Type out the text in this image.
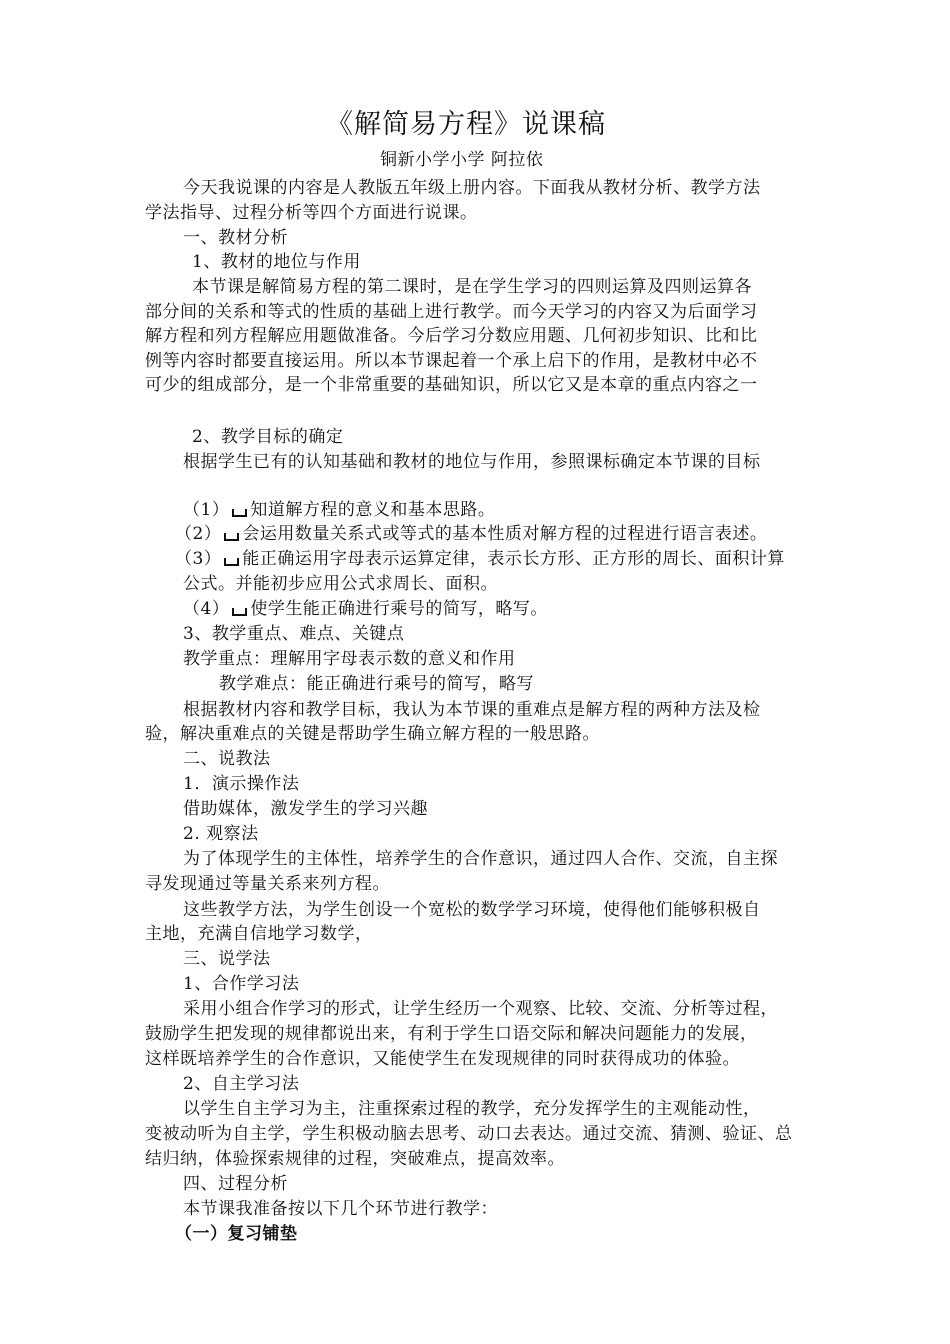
《解简易方程》说课稿
铜新小学小学 阿拉依
今天我说课的内容是人教版五年级上册内容。下面我从教材分析、教学方法
学法指导、过程分析等四个方面进行说课。
一、教材分析
1、教材的地位与作用
本节课是解简易方程的第二课时，是在学生学习的四则运算及四则运算各
部分间的关系和等式的性质的基础上进行教学。而今天学习的内容又为后面学习
解方程和列方程解应用题做准备。今后学习分数应用题、几何初步知识、比和比
例等内容时都要直接运用。所以本节课起着一个承上启下的作用，是教材中必不
可少的组成部分，是一个非常重要的基础知识，所以它又是本章的重点内容之一
2、教学目标的确定
根据学生已有的认知基础和教材的地位与作用，参照课标确定本节课的目标
（1） 知道解方程的意义和基本思路。
（2） 会运用数量关系式或等式的基本性质对解方程的过程进行语言表述。
（3） 能正确运用字母表示运算定律，表示长方形、正方形的周长、面积计算
公式。并能初步应用公式求周长、面积。
（4） 使学生能正确进行乘号的简写，略写。
3、教学重点、难点、关键点
教学重点：理解用字母表示数的意义和作用
教学难点：能正确进行乘号的简写，略写
根据教材内容和教学目标，我认为本节课的重难点是解方程的两种方法及检
验，解决重难点的关键是帮助学生确立解方程的一般思路。
二、说教法
1．演示操作法
借助媒体，激发学生的学习兴趣
2. 观察法
为了体现学生的主体性，培养学生的合作意识，通过四人合作、交流，自主探
寻发现通过等量关系来列方程。
这些教学方法，为学生创设一个宽松的数学学习环境，使得他们能够积极自
主地，充满自信地学习数学，
三、说学法
1、合作学习法
采用小组合作学习的形式，让学生经历一个观察、比较、交流、分析等过程，
鼓励学生把发现的规律都说出来，有利于学生口语交际和解决问题能力的发展，
这样既培养学生的合作意识，又能使学生在发现规律的同时获得成功的体验。
2、自主学习法
以学生自主学习为主，注重探索过程的教学，充分发挥学生的主观能动性，
变被动听为自主学，学生积极动脑去思考、动口去表达。通过交流、猜测、验证、总
结归纳，体验探索规律的过程，突破难点，提高效率。
四、过程分析
本节课我准备按以下几个环节进行教学：
（一）复习铺垫
